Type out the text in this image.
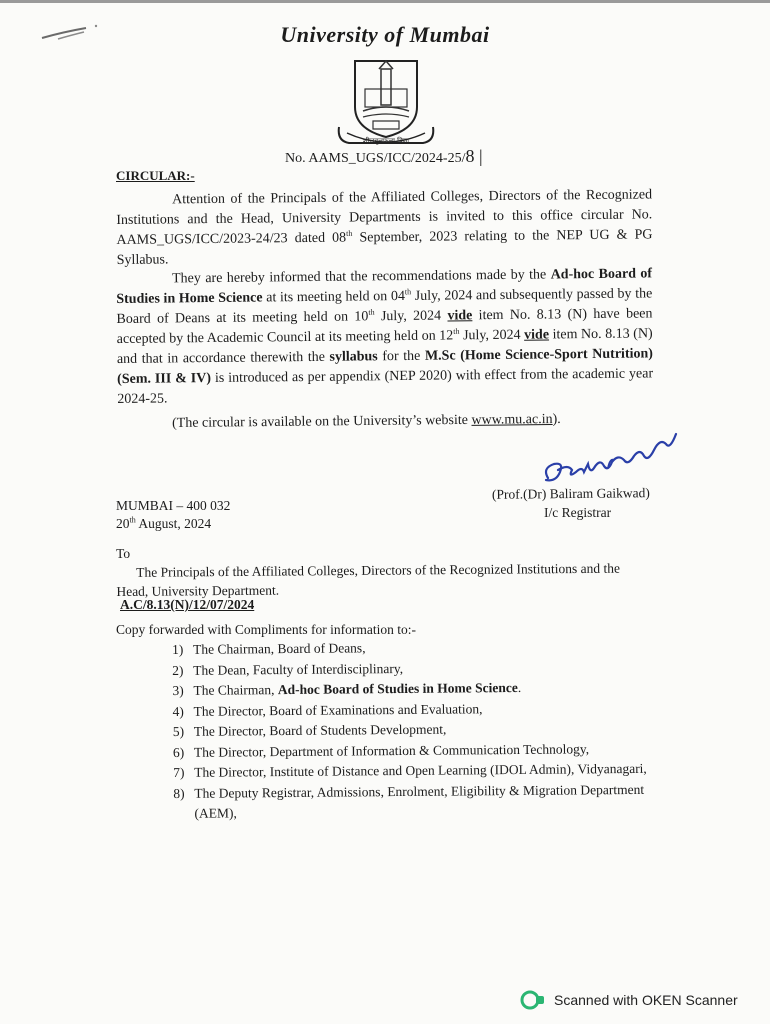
University of Mumbai
शीलवृत्तफला विद्या
No. AAMS_UGS/ICC/2024-25/8 |
CIRCULAR:-
Attention of the Principals of the Affiliated Colleges, Directors of the Recognized Institutions and the Head, University Departments is invited to this office circular No. AAMS_UGS/ICC/2023-24/23 dated 08th September, 2023 relating to the NEP UG & PG Syllabus.
They are hereby informed that the recommendations made by the Ad-hoc Board of Studies in Home Science at its meeting held on 04th July, 2024 and subsequently passed by the Board of Deans at its meeting held on 10th July, 2024 vide item No. 8.13 (N) have been accepted by the Academic Council at its meeting held on 12th July, 2024 vide item No. 8.13 (N) and that in accordance therewith the syllabus for the M.Sc (Home Science-Sport Nutrition) (Sem. III & IV) is introduced as per appendix (NEP 2020) with effect from the academic year 2024-25.
(The circular is available on the University’s website www.mu.ac.in).
(Prof.(Dr) Baliram Gaikwad)
I/c Registrar
MUMBAI – 400 032
20th August, 2024
To
The Principals of the Affiliated Colleges, Directors of the Recognized Institutions and the Head, University Department.
A.C/8.13(N)/12/07/2024
Copy forwarded with Compliments for information to:-
1) The Chairman, Board of Deans,
2) The Dean, Faculty of Interdisciplinary,
3) The Chairman, Ad-hoc Board of Studies in Home Science.
4) The Director, Board of Examinations and Evaluation,
5) The Director, Board of Students Development,
6) The Director, Department of Information & Communication Technology,
7) The Director, Institute of Distance and Open Learning (IDOL Admin), Vidyanagari,
8) The Deputy Registrar, Admissions, Enrolment, Eligibility & Migration Department (AEM),
Scanned with OKEN Scanner
